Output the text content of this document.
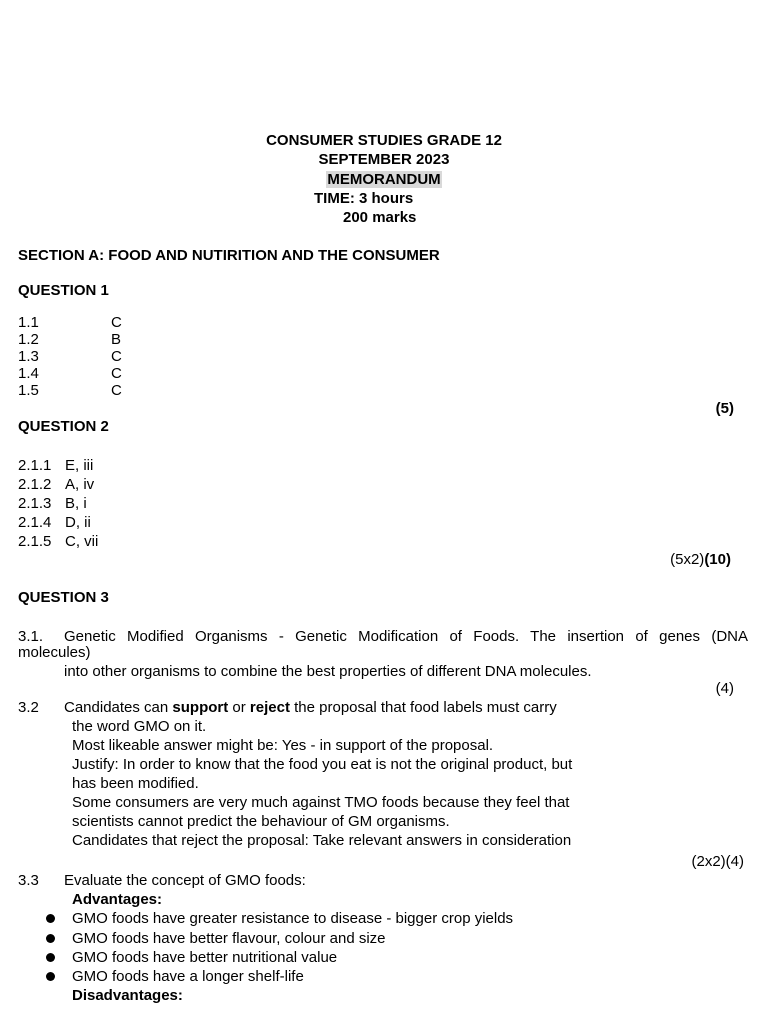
CONSUMER STUDIES GRADE 12
SEPTEMBER 2023
MEMORANDUM
TIME: 3 hours
200 marks
SECTION A: FOOD AND NUTIRITION AND THE CONSUMER
QUESTION 1
1.1	C
1.2	B
1.3	C
1.4	C
1.5	C
(5)
QUESTION 2
2.1.1 E, iii
2.1.2 A, iv
2.1.3 B, i
2.1.4 D, ii
2.1.5 C, vii
(5x2)(10)
QUESTION 3
3.1. Genetic Modified Organisms - Genetic Modification of Foods. The insertion of genes (DNA
molecules)
into other organisms to combine the best properties of different DNA molecules.
(4)
3.2 Candidates can support or reject the proposal that food labels must carry
the word GMO on it.
Most likeable answer might be: Yes - in support of the proposal.
Justify: In order to know that the food you eat is not the original product, but
has been modified.
Some consumers are very much against TMO foods because they feel that
scientists cannot predict the behaviour of GM organisms.
Candidates that reject the proposal: Take relevant answers in consideration
(2x2)(4)
3.3 Evaluate the concept of GMO foods:
Advantages:
GMO foods have greater resistance to disease - bigger crop yields
GMO foods have better flavour, colour and size
GMO foods have better nutritional value
GMO foods have a longer shelf-life
Disadvantages:
